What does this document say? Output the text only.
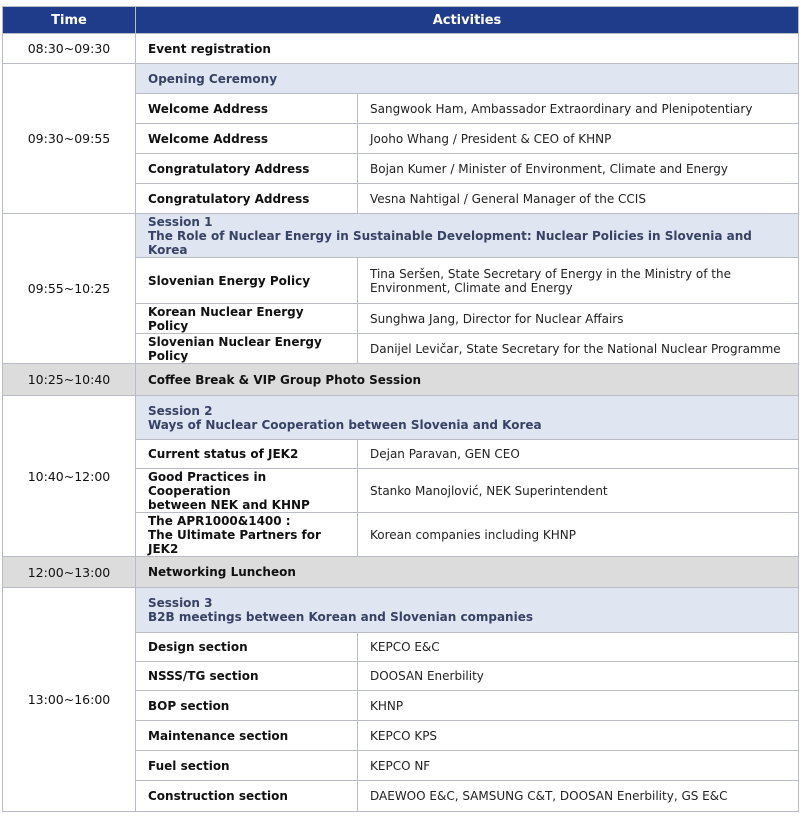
Time	Activities	
08:30~09:30	Event registration	
09:30~09:55	Opening Ceremony	
	Welcome Address	Sangwook Ham, Ambassador Extraordinary and Plenipotentiary
	Welcome Address	Jooho Whang / President & CEO of KHNP
	Congratulatory Address	Bojan Kumer / Minister of Environment, Climate and Energy
	Congratulatory Address	Vesna Nahtigal / General Manager of the CCIS
09:55~10:25	Session 1
The Role of Nuclear Energy in Sustainable Development: Nuclear Policies in Slovenia and Korea	

	Slovenian Energy Policy	Tina Seršen, State Secretary of Energy in the Ministry of the Environment, Climate and Energy
	Korean Nuclear Energy Policy	Sunghwa Jang, Director for Nuclear Affairs
	Slovenian Nuclear Energy Policy	Danijel Levičar, State Secretary for the National Nuclear Programme
10:25~10:40	Coffee Break & VIP Group Photo Session	
10:40~12:00	Session 2
Ways of Nuclear Cooperation between Slovenia and Korea	

	Current status of JEK2	Dejan Paravan, GEN CEO
	Good Practices in Cooperation
between NEK and KHNP	Stanko Manojlović, NEK Superintendent
	The APR1000&1400 :
The Ultimate Partners for JEK2	Korean companies including KHNP
12:00~13:00	Networking Luncheon	
13:00~16:00	Session 3
B2B meetings between Korean and Slovenian companies	

	Design section	KEPCO E&C
	NSSS/TG section	DOOSAN Enerbility
	BOP section	KHNP
	Maintenance section	KEPCO KPS
	Fuel section	KEPCO NF
	Construction section	DAEWOO E&C, SAMSUNG C&T, DOOSAN Enerbility, GS E&C
